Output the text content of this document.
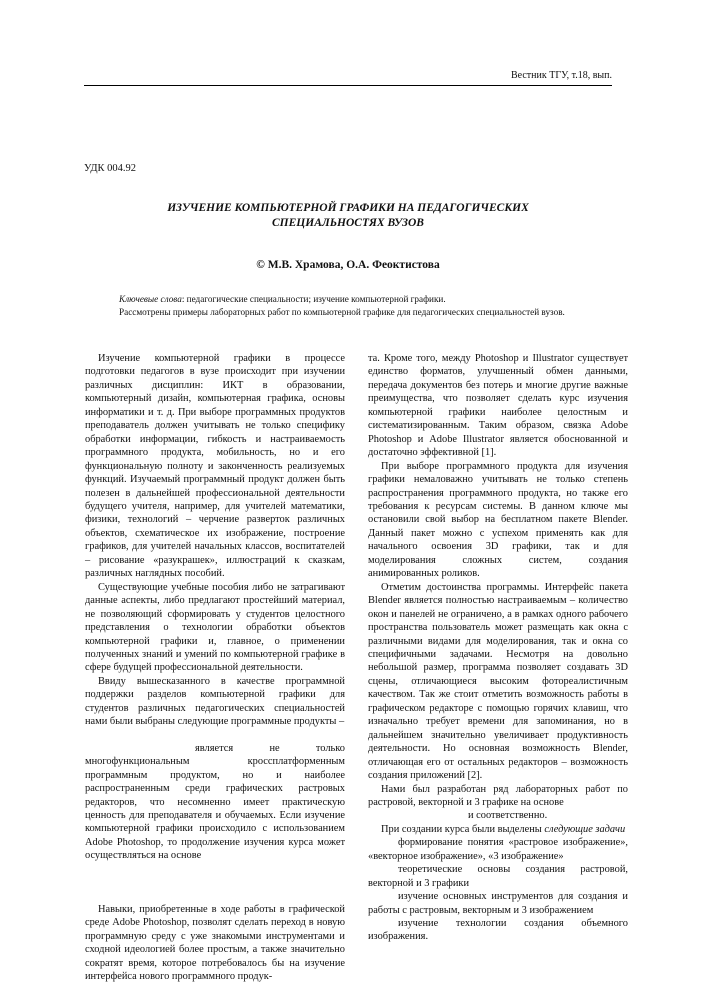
Вестник ТГУ, т.18, вып.
УДК 004.92
ИЗУЧЕНИЕ КОМПЬЮТЕРНОЙ ГРАФИКИ НА ПЕДАГОГИЧЕСКИХ
СПЕЦИАЛЬНОСТЯХ ВУЗОВ
© М.В. Храмова, О.А. Феоктистова

Ключевые слова: педагогические специальности; изучение компьютерной графики.

Рассмотрены примеры лабораторных работ по компьютерной графике для педагогических специальностей вузов.

Изучение компьютерной графики в процессе подготовки педагогов в вузе происходит при изучении различных дисциплин: ИКТ в образовании, компьютерный дизайн, компьютерная графика, основы информатики и т. д. При выборе программных продуктов преподаватель должен учитывать не только специфику обработки информации, гибкость и настраиваемость программного продукта, мобильность, но и его функциональную полноту и законченность реализуемых функций. Изучаемый программный продукт должен быть полезен в дальнейшей профессиональной деятельности будущего учителя, например, для учителей математики, физики, технологий – черчение разверток различных объектов, схематическое их изображение, построение графиков, для учителей начальных классов, воспитателей – рисование «разукрашек», иллюстраций к сказкам, различных наглядных пособий.

Существующие учебные пособия либо не затрагивают данные аспекты, либо предлагают простейший материал, не позволяющий сформировать у студентов целостного представления о технологии обработки объектов компьютерной графики и, главное, о применении полученных знаний и умений по компьютерной графике в сфере будущей профессиональной деятельности.

Ввиду вышесказанного в качестве программной поддержки разделов компьютерной графики для студентов различных педагогических специальностей нами были выбраны следующие программные продукты –

является не только многофункциональным кроссплатформенным программным продуктом, но и наиболее распространенным среди графических растровых редакторов, что несомненно имеет практическую ценность для преподавателя и обучаемых. Если изучение компьютерной графики происходило с использованием Adobe Photoshop, то продолжение изучения курса может осуществляться на основе

Навыки, приобретенные в ходе работы в графической среде Adobe Photoshop, позволят сделать переход в новую программную среду с уже знакомыми инструментами и сходной идеологией более простым, а также значительно сократят время, которое потребовалось бы на изучение интерфейса нового программного продук-

та. Кроме того, между Photoshop и Illustrator существует единство форматов, улучшенный обмен данными, передача документов без потерь и многие другие важные преимущества, что позволяет сделать курс изучения компьютерной графики наиболее целостным и систематизированным. Таким образом, связка Adobe Photoshop и Adobe Illustrator является обоснованной и достаточно эффективной [1].

При выборе программного продукта для изучения графики немаловажно учитывать не только степень распространения программного продукта, но также его требования к ресурсам системы. В данном ключе мы остановили свой выбор на бесплатном пакете Blender. Данный пакет можно с успехом применять как для начального освоения 3D графики, так и для моделирования сложных систем, создания анимированных роликов.

Отметим достоинства программы. Интерфейс пакета Blender является полностью настраиваемым – количество окон и панелей не ограничено, а в рамках одного рабочего пространства пользователь может размещать как окна с различными видами для моделирования, так и окна со специфичными задачами. Несмотря на довольно небольшой размер, программа позволяет создавать 3D сцены, отличающиеся высоким фотореалистичным качеством. Так же стоит отметить возможность работы в графическом редакторе с помощью горячих клавиш, что изначально требует времени для запоминания, но в дальнейшем значительно увеличивает продуктивность деятельности. Но основная возможность Blender, отличающая его от остальных редакторов – возможность создания приложений [2].

Нами был разработан ряд лабораторных работ по растровой, векторной и 3 графике на основе

и соответственно.

При создании курса были выделены следующие задачи

формирование понятия «растровое изображение», «векторное изображение», «3 изображение»

теоретические основы создания растровой, векторной и 3 графики

изучение основных инструментов для создания и работы с растровым, векторным и 3 изображением

изучение технологии создания объемного изображения.
